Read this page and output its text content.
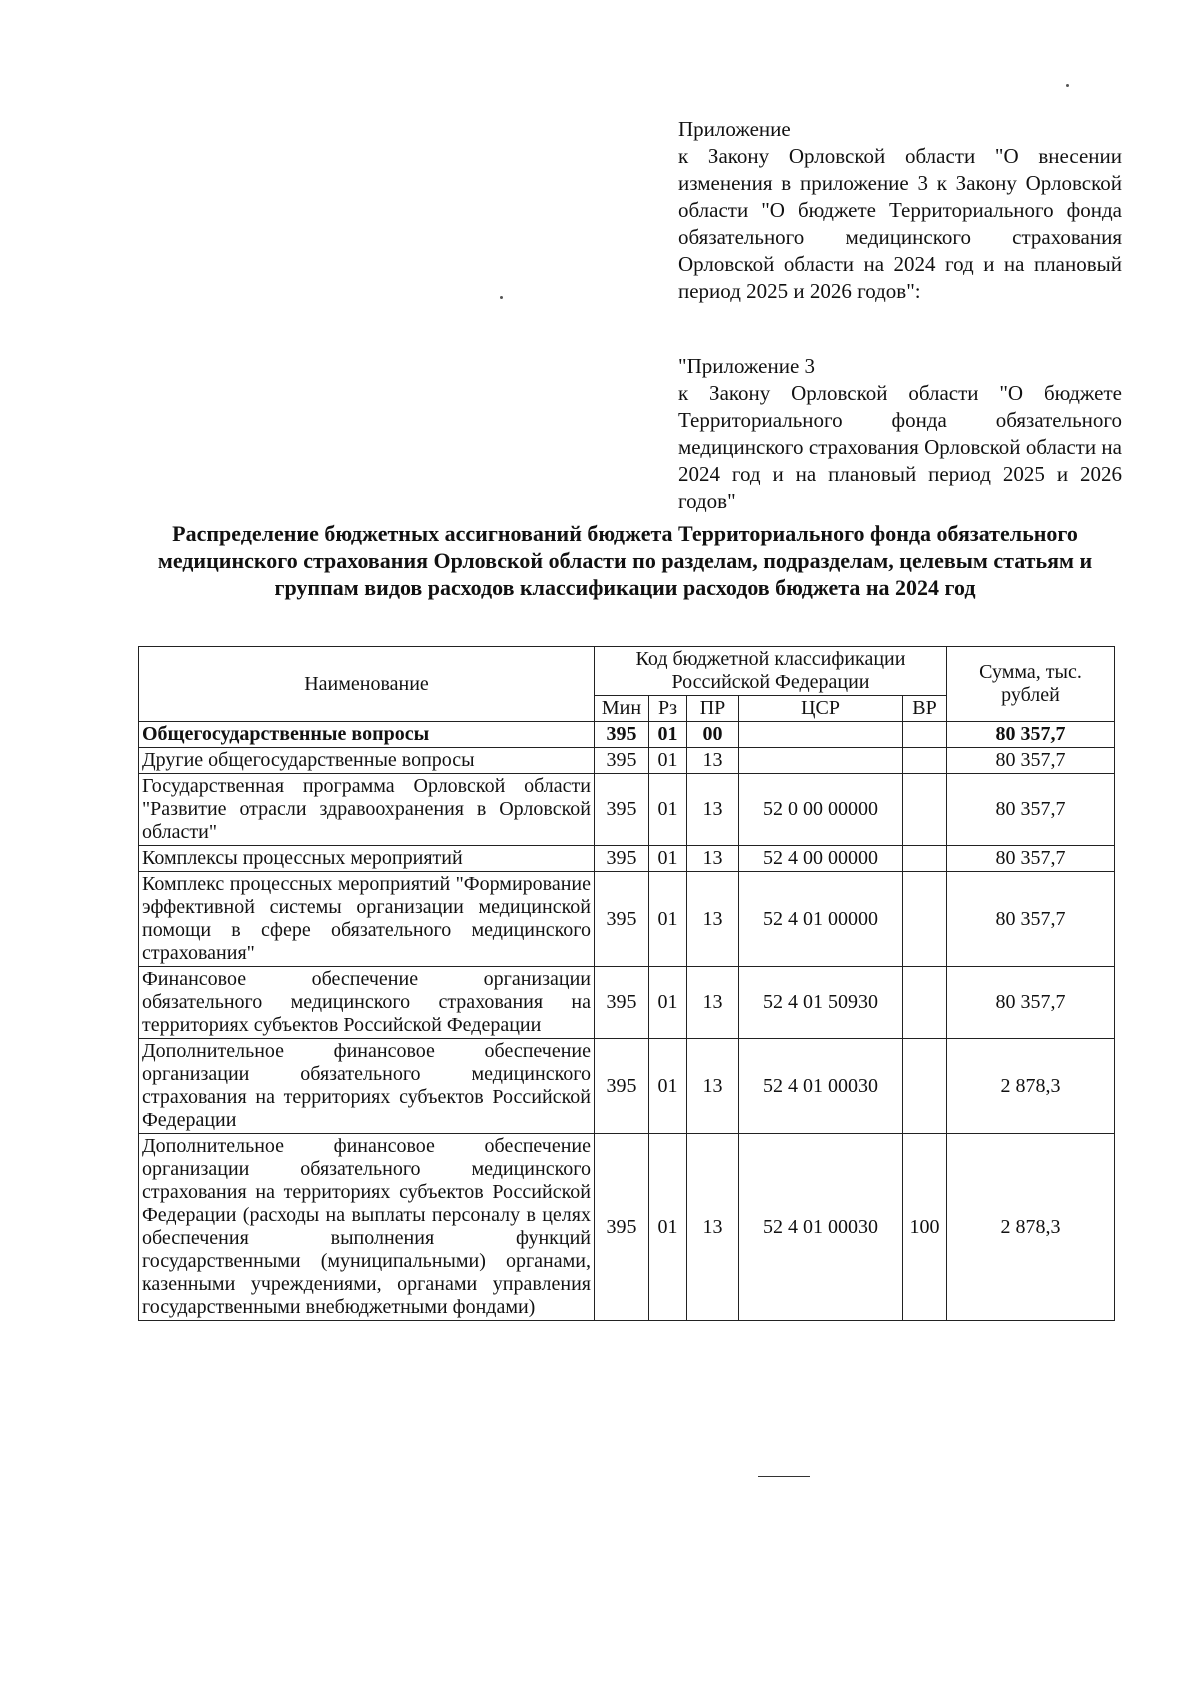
Приложение

к Закону Орловской области "О внесении изменения в приложение 3 к Закону Орловской области "О бюджете Территориального фонда обязательного медицинского страхования Орловской области на 2024 год и на плановый период 2025 и 2026 годов":

"Приложение 3

к Закону Орловской области "О бюджете Территориального фонда обязательного медицинского страхования Орловской области на 2024 год и на плановый период 2025 и 2026 годов"

Распределение бюджетных ассигнований бюджета Территориального фонда обязательного медицинского страхования Орловской области по разделам, подразделам, целевым статьям и группам видов расходов классификации расходов бюджета на 2024 год
Наименование	Код бюджетной классификации Российской Федерации					Сумма, тыс. рублей
	Мин	Рз	ПР	ЦСР	ВР	
Общегосударственные вопросы	395	01	00			80 357,7
Другие общегосударственные вопросы	395	01	13			80 357,7
Государственная программа Орловской области "Развитие отрасли здравоохранения в Орловской области"	395	01	13	52 0 00 00000		80 357,7
Комплексы процессных мероприятий	395	01	13	52 4 00 00000		80 357,7
Комплекс процессных мероприятий "Формирование эффективной системы организации медицинской помощи в сфере обязательного медицинского страхования"	395	01	13	52 4 01 00000		80 357,7
Финансовое обеспечение организации обязательного медицинского страхования на территориях субъектов Российской Федерации	395	01	13	52 4 01 50930		80 357,7
Дополнительное финансовое обеспечение организации обязательного медицинского страхования на территориях субъектов Российской Федерации	395	01	13	52 4 01 00030		2 878,3
Дополнительное финансовое обеспечение организации обязательного медицинского страхования на территориях субъектов Российской Федерации (расходы на выплаты персоналу в целях обеспечения выполнения функций государственными (муниципальными) органами, казенными учреждениями, органами управления государственными внебюджетными фондами)	395	01	13	52 4 01 00030	100	2 878,3
